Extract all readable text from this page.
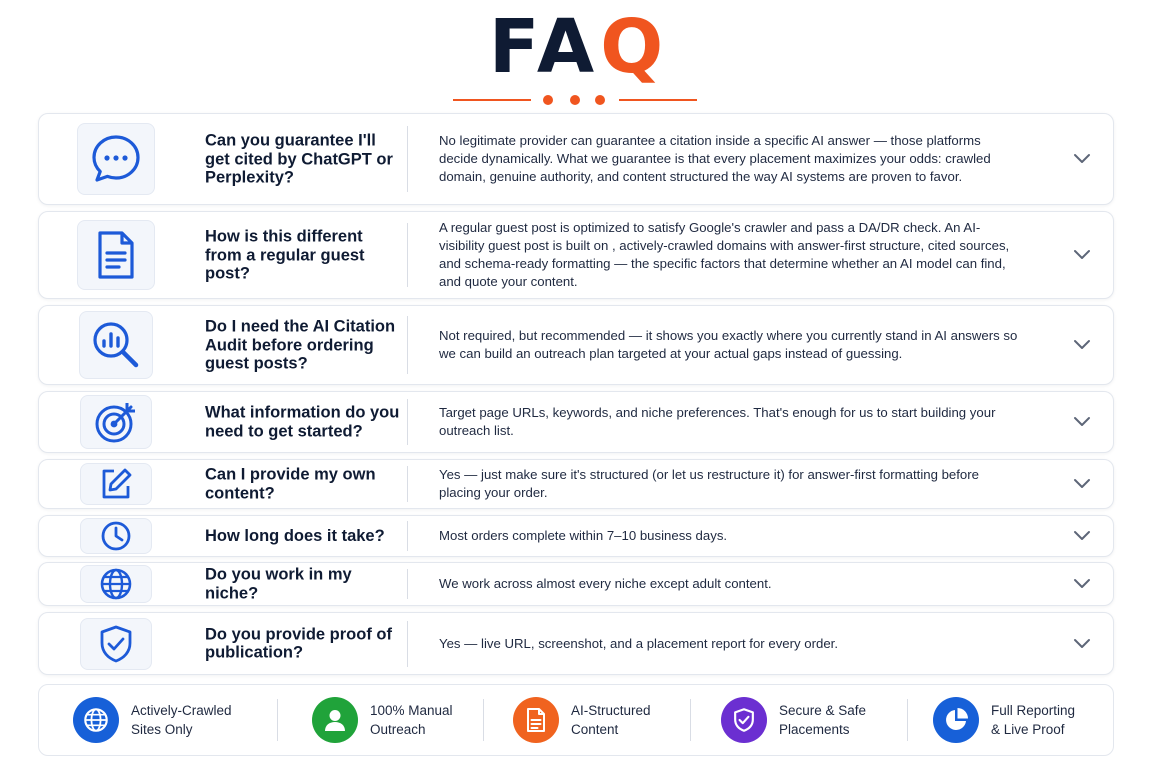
FAQ
Can you guarantee I'll get cited by ChatGPT or Perplexity?
No legitimate provider can guarantee a citation inside a specific AI answer — those platforms decide dynamically. What we guarantee is that every placement maximizes your odds: crawled domain, genuine authority, and content structured the way AI systems are proven to favor.
How is this different from a regular guest post?
A regular guest post is optimized to satisfy Google's crawler and pass a DA/DR check. An AI-visibility guest post is built on , actively-crawled domains with answer-first structure, cited sources, and schema-ready formatting — the specific factors that determine whether an AI model can find, and quote your content.
Do I need the AI Citation Audit before ordering guest posts?
Not required, but recommended — it shows you exactly where you currently stand in AI answers so we can build an outreach plan targeted at your actual gaps instead of guessing.
What information do you need to get started?
Target page URLs, keywords, and niche preferences. That's enough for us to start building your outreach list.
Can I provide my own content?
Yes — just make sure it's structured (or let us restructure it) for answer-first formatting before placing your order.
How long does it take?	Most orders complete within 7–10 business days.
Do you work in my niche?
We work across almost every niche except adult content.
Do you provide proof of publication?
Yes — live URL, screenshot, and a placement report for every order.
Actively-Crawled
Sites Only
100% Manual
Outreach
AI-Structured
Content
Secure & Safe
Placements
Full Reporting
& Live Proof
